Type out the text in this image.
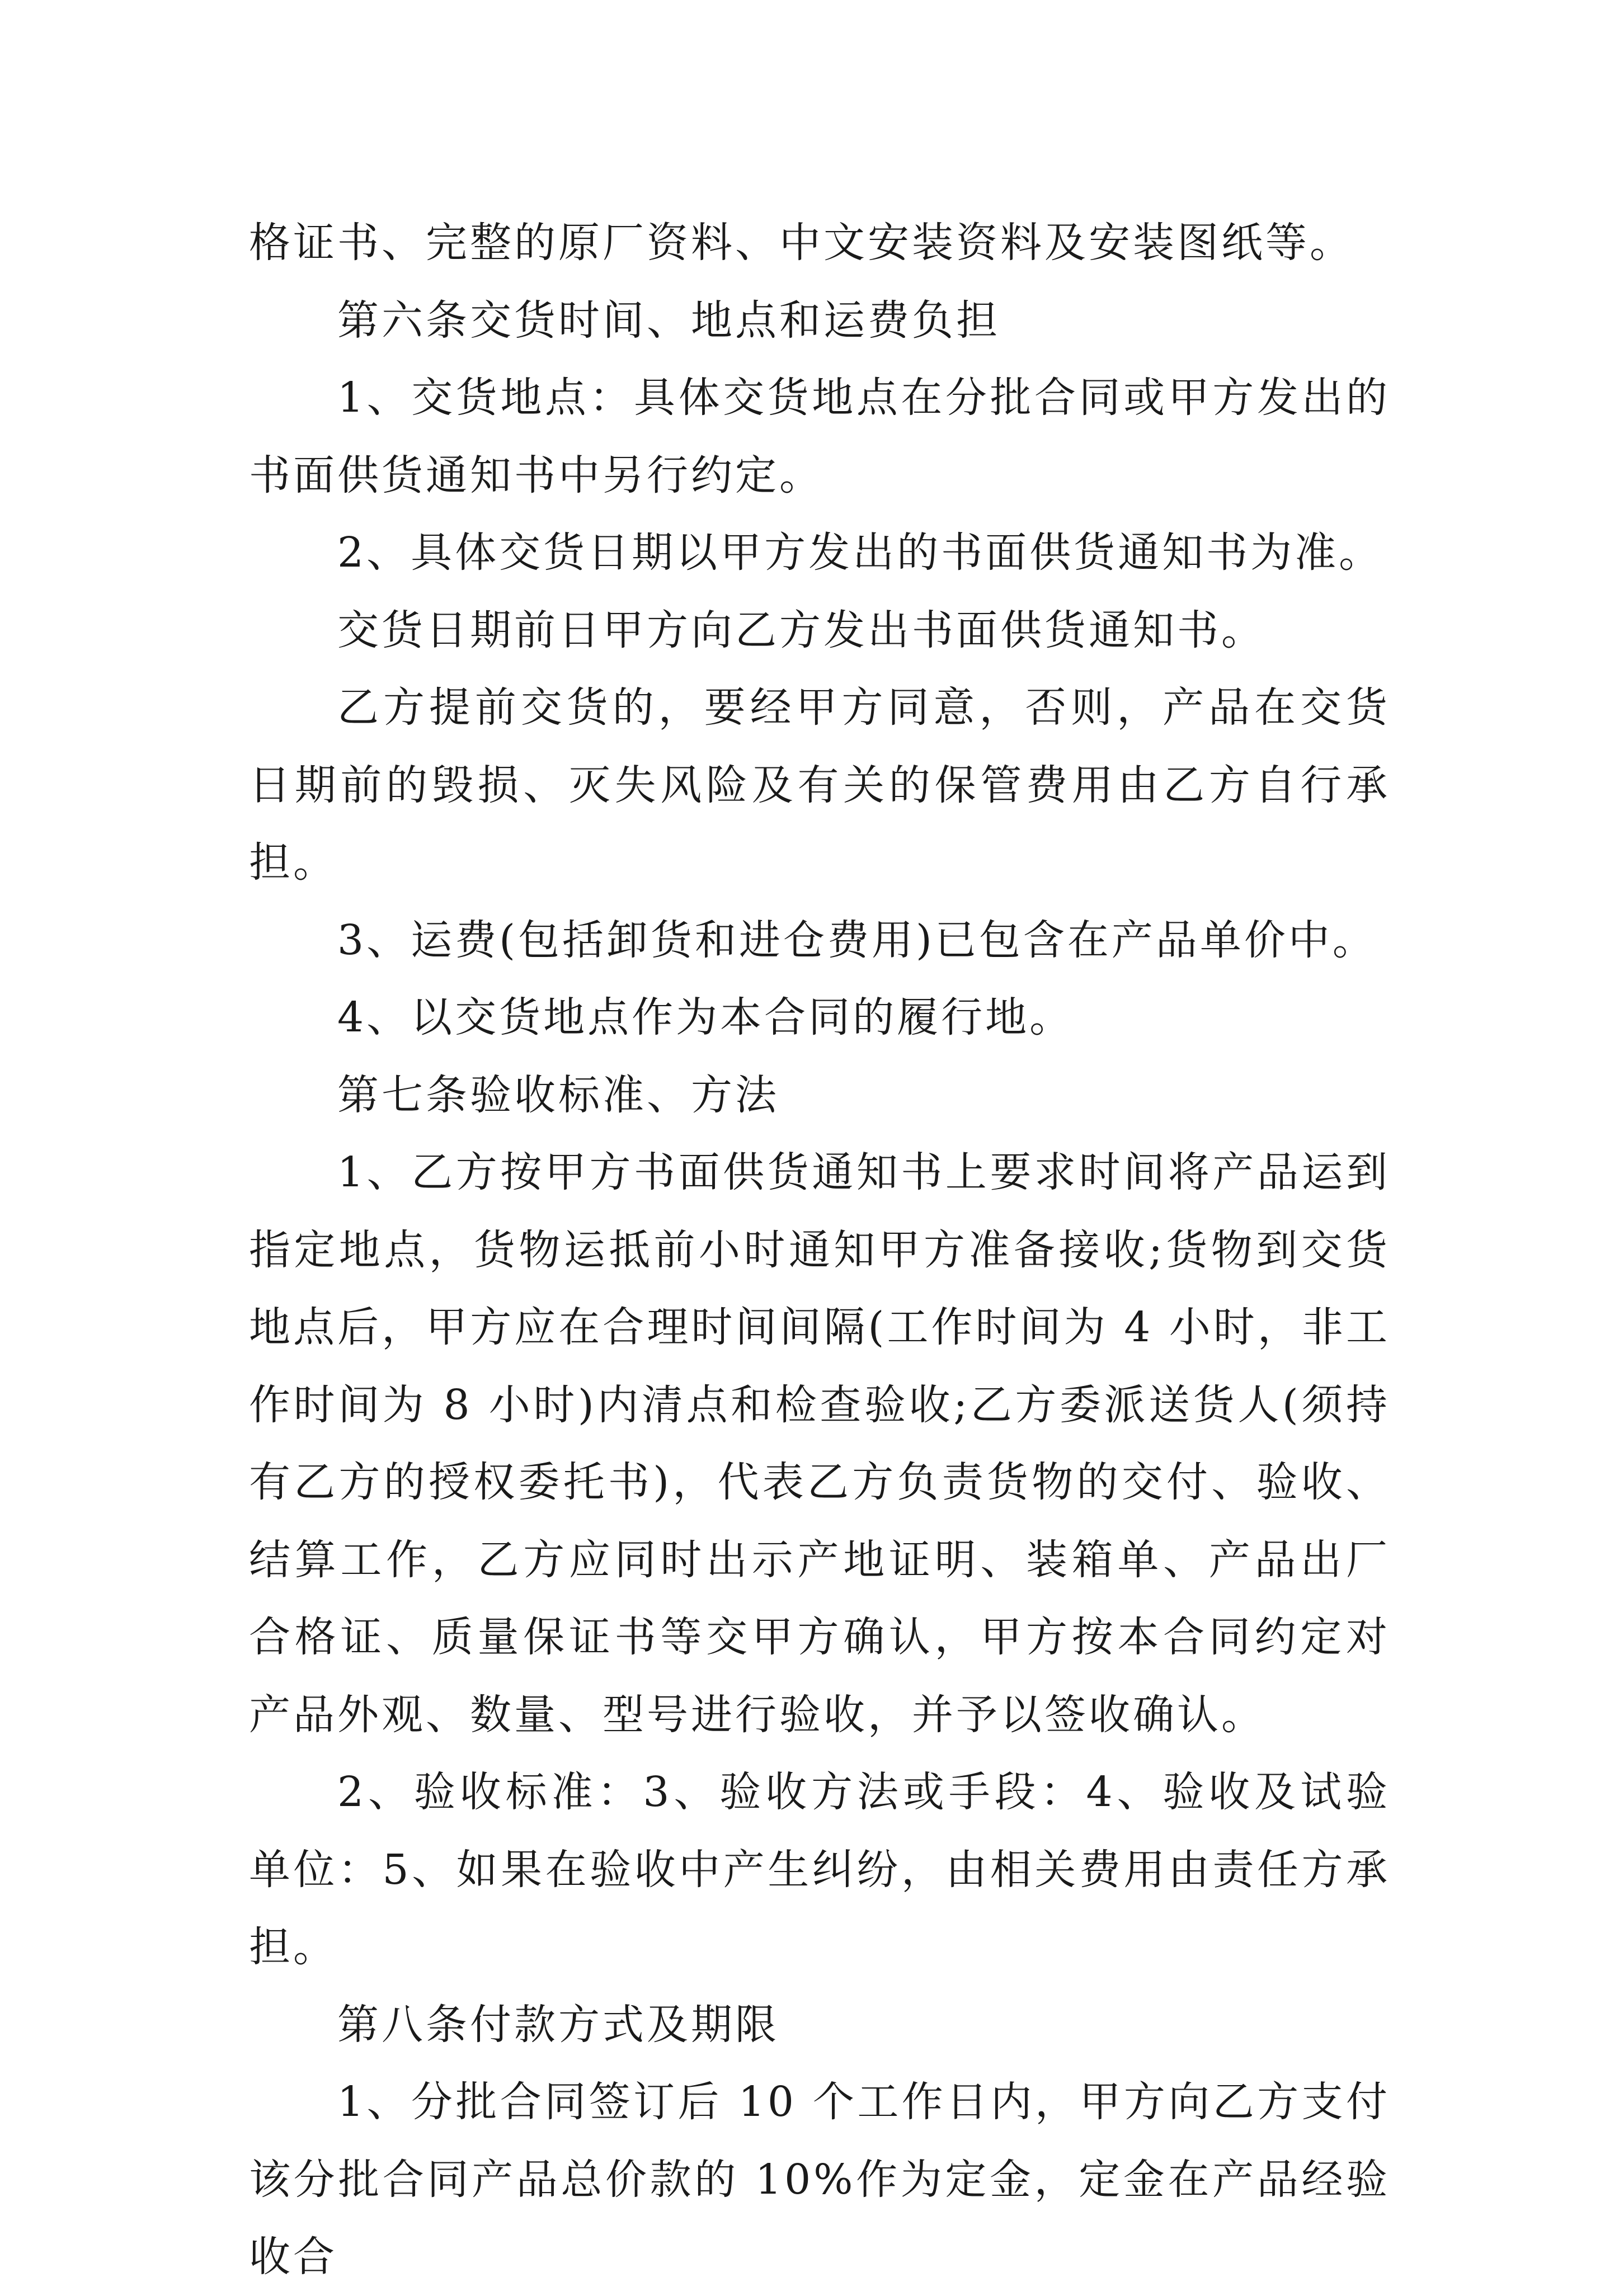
格证书、完整的原厂资料、中文安装资料及安装图纸等。

第六条交货时间、地点和运费负担

1、交货地点：具体交货地点在分批合同或甲方发出的书面供货通知书中另行约定。

2、具体交货日期以甲方发出的书面供货通知书为准。

交货日期前日甲方向乙方发出书面供货通知书。

乙方提前交货的，要经甲方同意，否则，产品在交货日期前的毁损、灭失风险及有关的保管费用由乙方自行承担。

3、运费(包括卸货和进仓费用)已包含在产品单价中。

4、以交货地点作为本合同的履行地。

第七条验收标准、方法

1、乙方按甲方书面供货通知书上要求时间将产品运到指定地点，货物运抵前小时通知甲方准备接收;货物到交货地点后，甲方应在合理时间间隔(工作时间为 4 小时，非工作时间为 8 小时)内清点和检查验收;乙方委派送货人(须持有乙方的授权委托书)，代表乙方负责货物的交付、验收、结算工作，乙方应同时出示产地证明、装箱单、产品出厂合格证、质量保证书等交甲方确认，甲方按本合同约定对产品外观、数量、型号进行验收，并予以签收确认。

2、验收标准：3、验收方法或手段：4、验收及试验单位：5、如果在验收中产生纠纷，由相关费用由责任方承担。

第八条付款方式及期限

1、分批合同签订后 10 个工作日内，甲方向乙方支付该分批合同产品总价款的 10%作为定金，定金在产品经验收合
